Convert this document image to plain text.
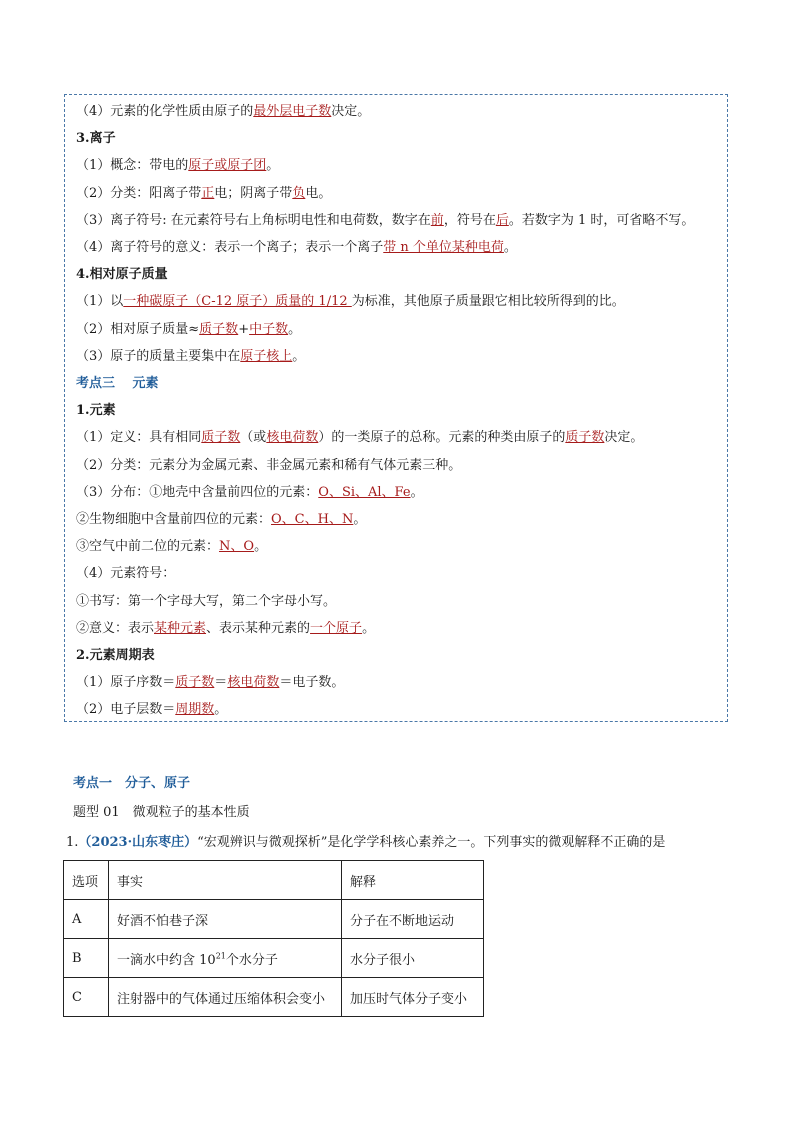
（4）元素的化学性质由原子的最外层电子数决定。
3.离子
（1）概念：带电的原子或原子团。
（2）分类：阳离子带正电；阴离子带负电。
（3）离子符号: 在元素符号右上角标明电性和电荷数，数字在前，符号在后。若数字为 1 时，可省略不写。
（4）离子符号的意义：表示一个离子；表示一个离子带 n 个单位某种电荷。
4.相对原子质量
（1）以一种碳原子（C-12 原子）质量的 1/12 为标准，其他原子质量跟它相比较所得到的比。
（2）相对原子质量≈质子数+中子数。
（3）原子的质量主要集中在原子核上。
考点三　 元素
1.元素
（1）定义：具有相同质子数（或核电荷数）的一类原子的总称。元素的种类由原子的质子数决定。
（2）分类：元素分为金属元素、非金属元素和稀有气体元素三种。
（3）分布：①地壳中含量前四位的元素：O、Si、Al、Fe。
②生物细胞中含量前四位的元素：O、C、H、N。
③空气中前二位的元素：N、O。
（4）元素符号：
①书写：第一个字母大写，第二个字母小写。
②意义：表示某种元素、表示某种元素的一个原子。
2.元素周期表
（1）原子序数＝质子数＝核电荷数＝电子数。
（2）电子层数＝周期数。
考点一　分子、原子
题型 01　微观粒子的基本性质
1.（2023·山东枣庄）“宏观辨识与微观探析”是化学学科核心素养之一。下列事实的微观解释不正确的是
选项	事实	解释
A	好酒不怕巷子深	分子在不断地运动
B	一滴水中约含 $10^{21}$个水分子	水分子很小
C	注射器中的气体通过压缩体积会变小	加压时气体分子变小
